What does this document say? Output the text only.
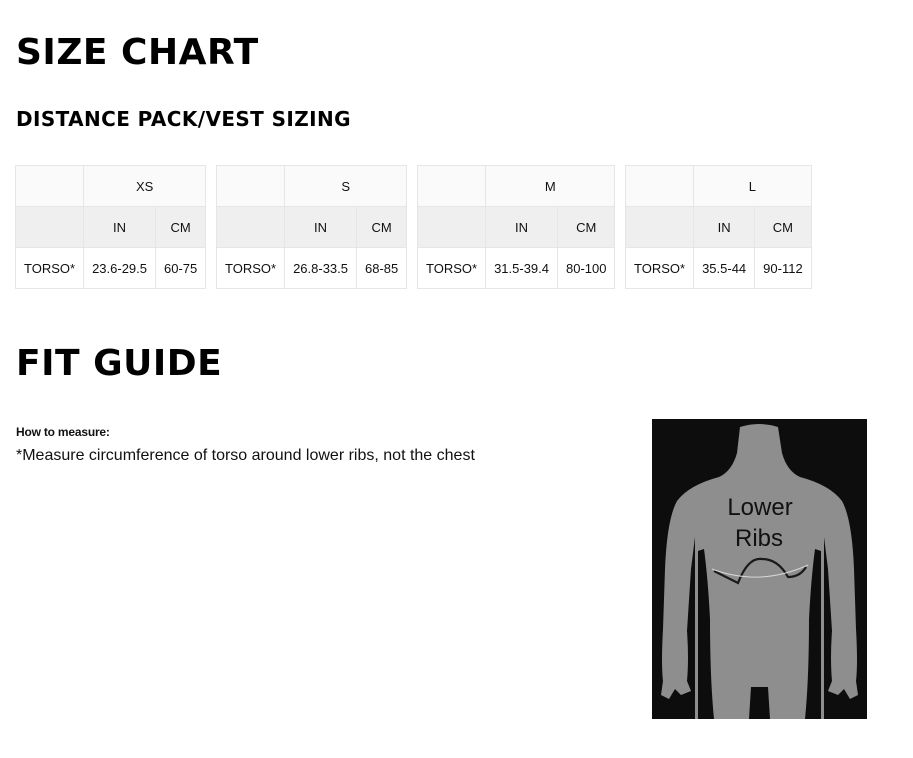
SIZE CHART
DISTANCE PACK/VEST SIZING
	XS	
	IN	CM
TORSO*	23.6-29.5	60-75
	S	
	IN	CM
TORSO*	26.8-33.5	68-85
	M	
	IN	CM
TORSO*	31.5-39.4	80-100
	L	
	IN	CM
TORSO*	35.5-44	90-112
FIT GUIDE

How to measure:

*Measure circumference of torso around lower ribs, not the chest

Lower
Ribs
